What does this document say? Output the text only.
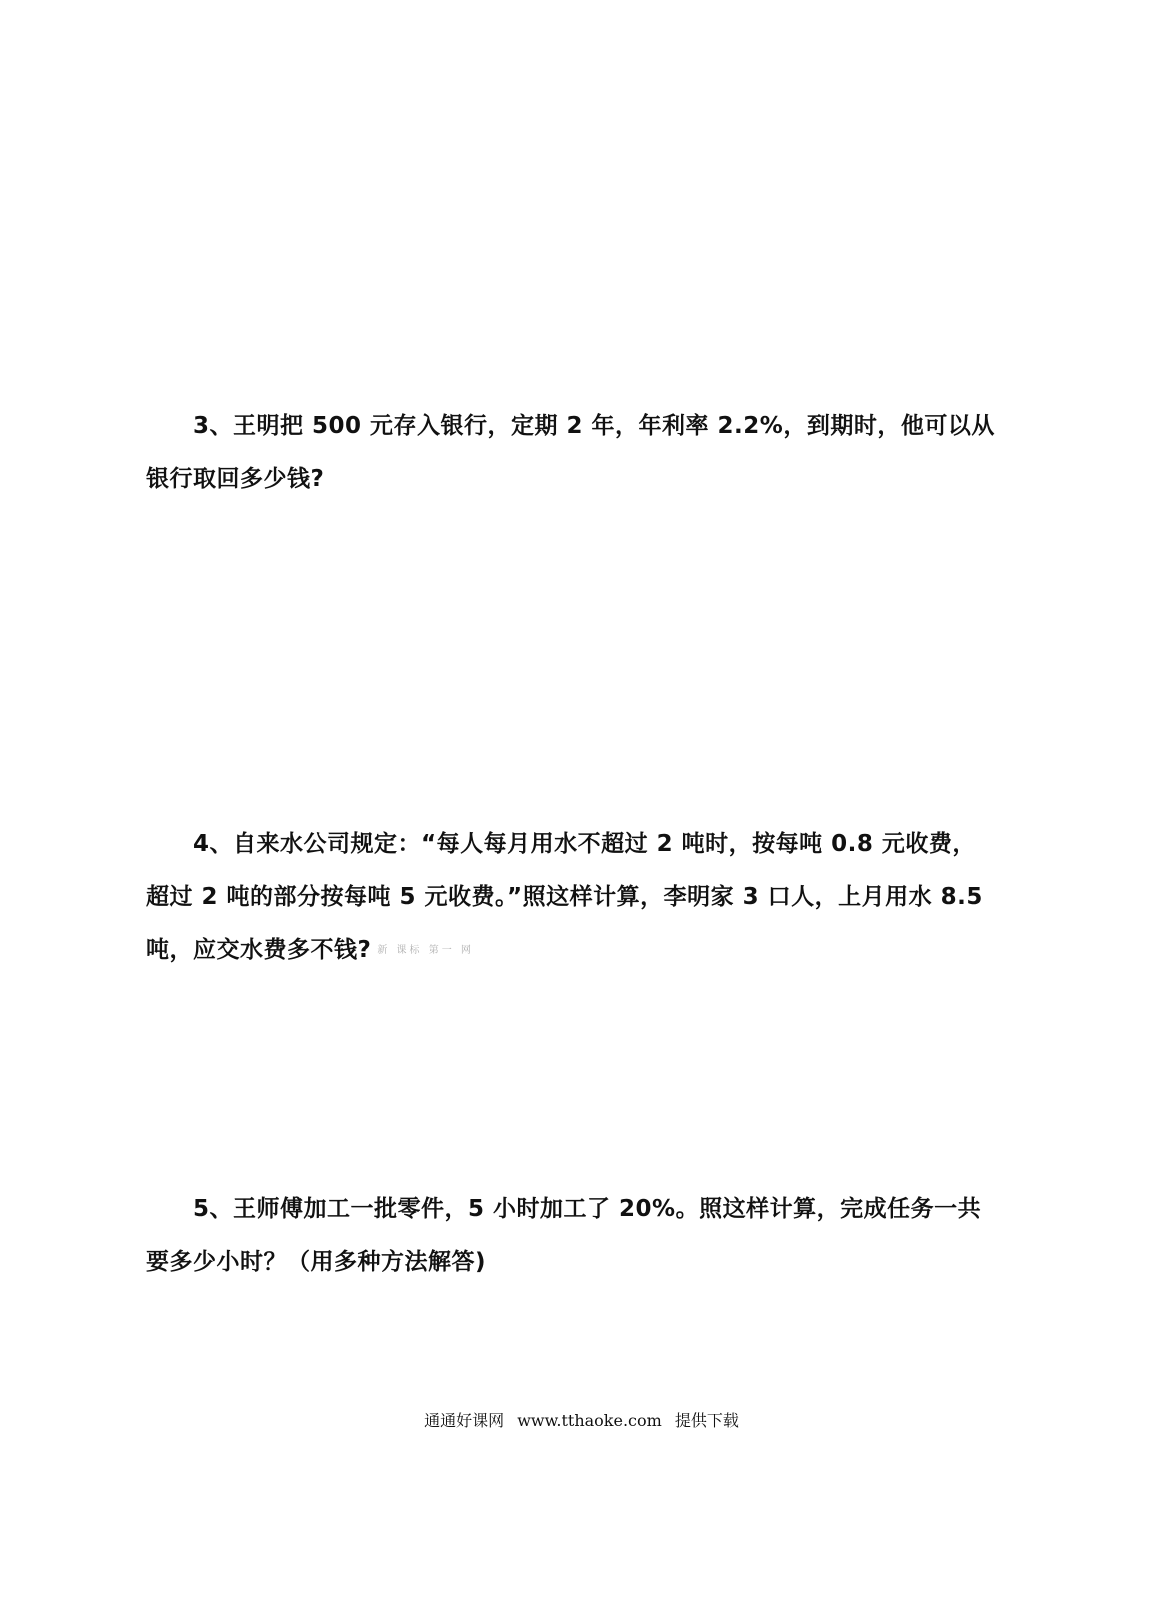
3、王明把 500 元存入银行，定期 2 年，年利率 2.2%，到期时，他可以从银行取回多少钱?

4、自来水公司规定：“每人每月用水不超过 2 吨时，按每吨 0.8 元收费，超过 2 吨的部分按每吨 5 元收费。”照这样计算，李明家 3 口人，上月用水 8.5 吨，应交水费多不钱? 新 课标 第一 网

5、王师傅加工一批零件，5 小时加工了 20%。照这样计算，完成任务一共要多少小时？（用多种方法解答)

通通好课网 www.tthaoke.com 提供下载
